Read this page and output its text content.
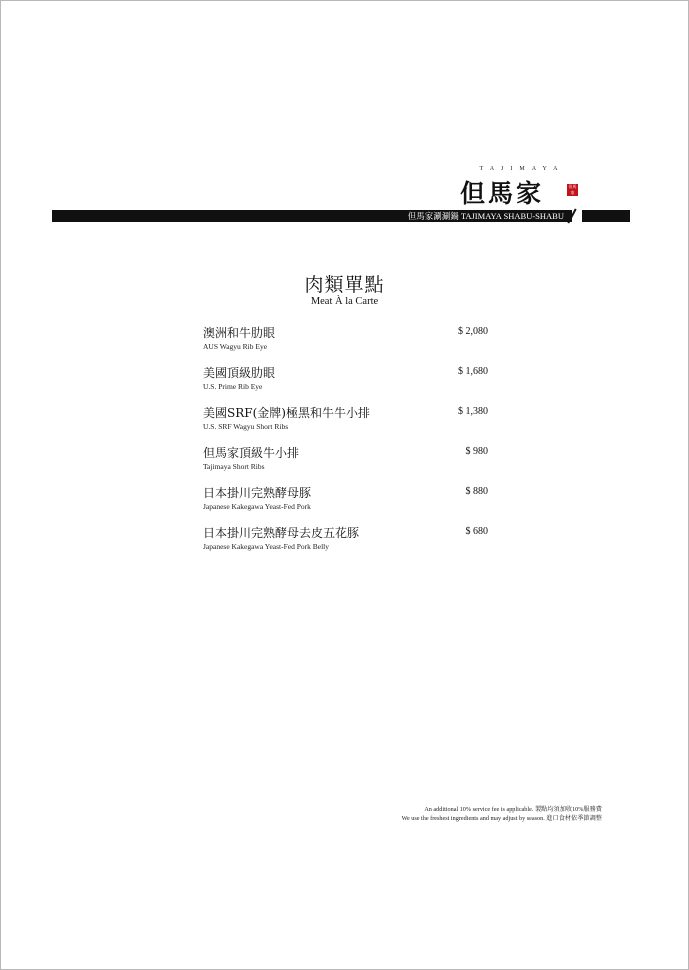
TAJIMAYA
但馬家	但馬家
但馬家涮涮鍋 TAJIMAYA SHABU-SHABU
肉類單點
Meat À la Carte
澳洲和牛肋眼
AUS Wagyu Rib Eye
$ 2,080
美國頂級肋眼
U.S. Prime Rib Eye
$ 1,680
美國SRF(金牌)極黑和牛牛小排
U.S. SRF Wagyu Short Ribs
$ 1,380
但馬家頂級牛小排
Tajimaya Short Ribs
$ 980
日本掛川完熟酵母豚
Japanese Kakegawa Yeast-Fed Pork
$ 880
日本掛川完熟酵母去皮五花豚
Japanese Kakegawa Yeast-Fed Pork Belly
$ 680
An additional 10% service fee is applicable. 製點均須加收10%服務費
We use the freshest ingredients and may adjust by season. 進口食材依季節調整
